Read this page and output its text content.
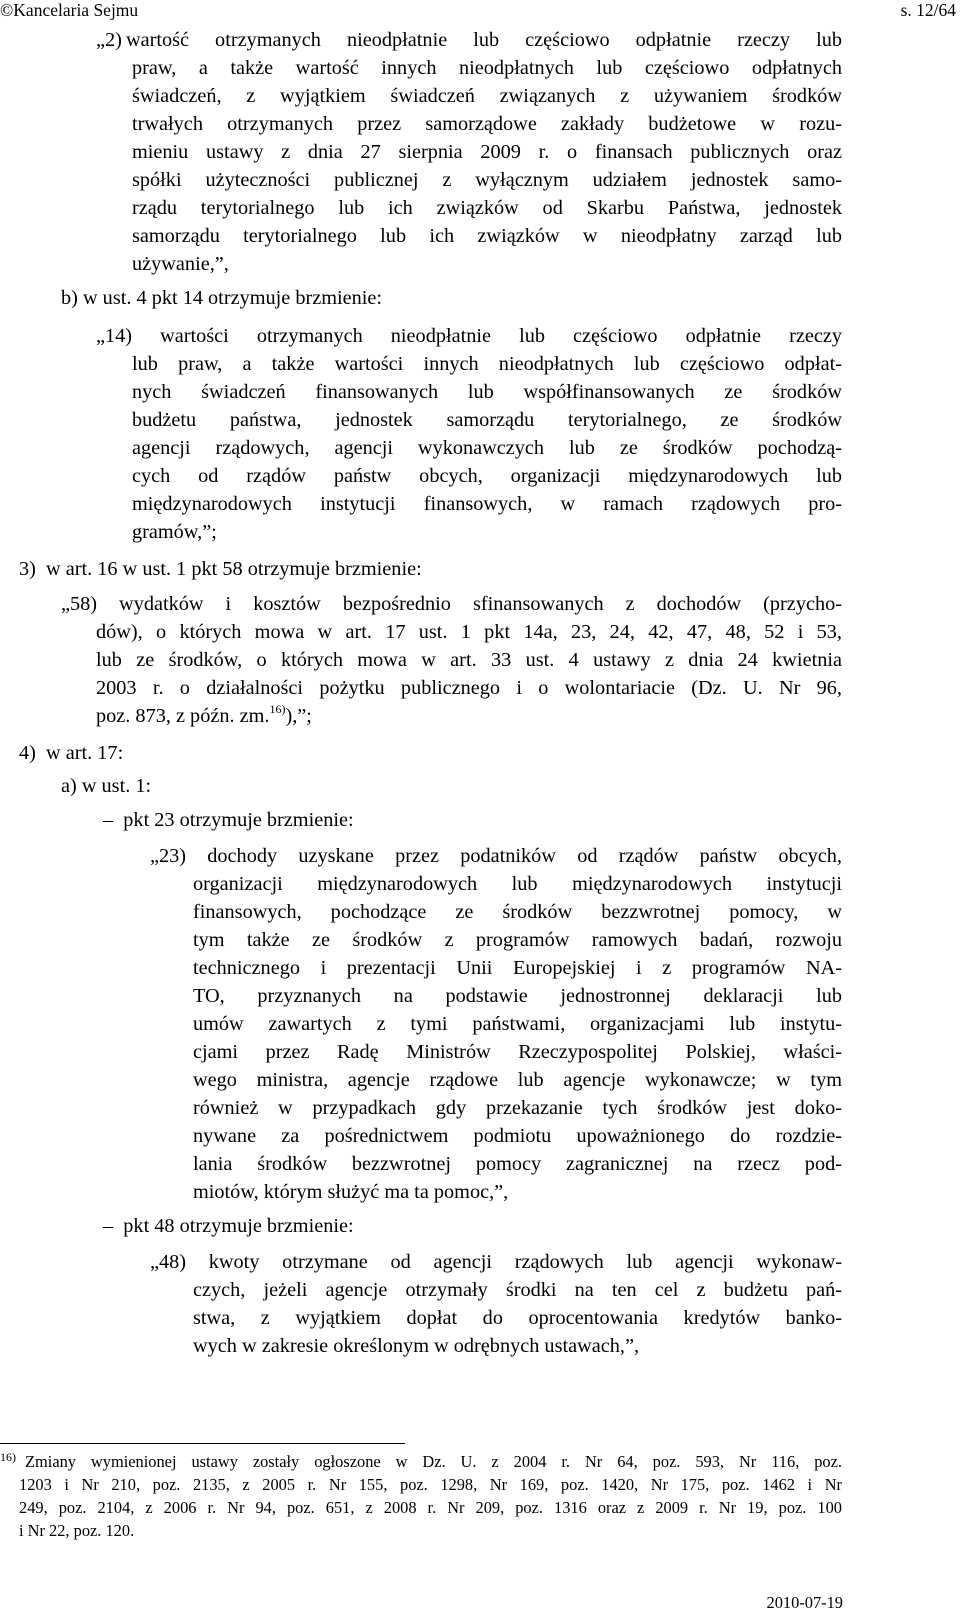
©Kancelaria Sejmu	s. 12/64
„2) wartość otrzymanych nieodpłatnie lub częściowo odpłatnie rzeczy lub
praw, a także wartość innych nieodpłatnych lub częściowo odpłatnych
świadczeń, z wyjątkiem świadczeń związanych z używaniem środków
trwałych otrzymanych przez samorządowe zakłady budżetowe w rozu-
mieniu ustawy z dnia 27 sierpnia 2009 r. o finansach publicznych oraz
spółki użyteczności publicznej z wyłącznym udziałem jednostek samo-
rządu terytorialnego lub ich związków od Skarbu Państwa, jednostek
samorządu terytorialnego lub ich związków w nieodpłatny zarząd lub
używanie,”,
b) w ust. 4 pkt 14 otrzymuje brzmienie:
„14) wartości otrzymanych nieodpłatnie lub częściowo odpłatnie rzeczy
lub praw, a także wartości innych nieodpłatnych lub częściowo odpłat-
nych świadczeń finansowanych lub współfinansowanych ze środków
budżetu państwa, jednostek samorządu terytorialnego, ze środków
agencji rządowych, agencji wykonawczych lub ze środków pochodzą-
cych od rządów państw obcych, organizacji międzynarodowych lub
międzynarodowych instytucji finansowych, w ramach rządowych pro-
gramów,”;
3) w art. 16 w ust. 1 pkt 58 otrzymuje brzmienie:
„58) wydatków i kosztów bezpośrednio sfinansowanych z dochodów (przycho-
dów), o których mowa w art. 17 ust. 1 pkt 14a, 23, 24, 42, 47, 48, 52 i 53,
lub ze środków, o których mowa w art. 33 ust. 4 ustawy z dnia 24 kwietnia
2003 r. o działalności pożytku publicznego i o wolontariacie (Dz. U. Nr 96,
poz. 873, z późn. zm.$^{16)}$),”;
4) w art. 17:
a) w ust. 1:
– pkt 23 otrzymuje brzmienie:
„23) dochody uzyskane przez podatników od rządów państw obcych,
organizacji międzynarodowych lub międzynarodowych instytucji
finansowych, pochodzące ze środków bezzwrotnej pomocy, w
tym także ze środków z programów ramowych badań, rozwoju
technicznego i prezentacji Unii Europejskiej i z programów NA-
TO, przyznanych na podstawie jednostronnej deklaracji lub
umów zawartych z tymi państwami, organizacjami lub instytu-
cjami przez Radę Ministrów Rzeczypospolitej Polskiej, właści-
wego ministra, agencje rządowe lub agencje wykonawcze; w tym
również w przypadkach gdy przekazanie tych środków jest doko-
nywane za pośrednictwem podmiotu upoważnionego do rozdzie-
lania środków bezzwrotnej pomocy zagranicznej na rzecz pod-
miotów, którym służyć ma ta pomoc,”,
– pkt 48 otrzymuje brzmienie:
„48) kwoty otrzymane od agencji rządowych lub agencji wykonaw-
czych, jeżeli agencje otrzymały środki na ten cel z budżetu pań-
stwa, z wyjątkiem dopłat do oprocentowania kredytów banko-
wych w zakresie określonym w odrębnych ustawach,”,
16) Zmiany wymienionej ustawy zostały ogłoszone w Dz. U. z 2004 r. Nr 64, poz. 593, Nr 116, poz.
1203 i Nr 210, poz. 2135, z 2005 r. Nr 155, poz. 1298, Nr 169, poz. 1420, Nr 175, poz. 1462 i Nr
249, poz. 2104, z 2006 r. Nr 94, poz. 651, z 2008 r. Nr 209, poz. 1316 oraz z 2009 r. Nr 19, poz. 100
i Nr 22, poz. 120.
2010-07-19
